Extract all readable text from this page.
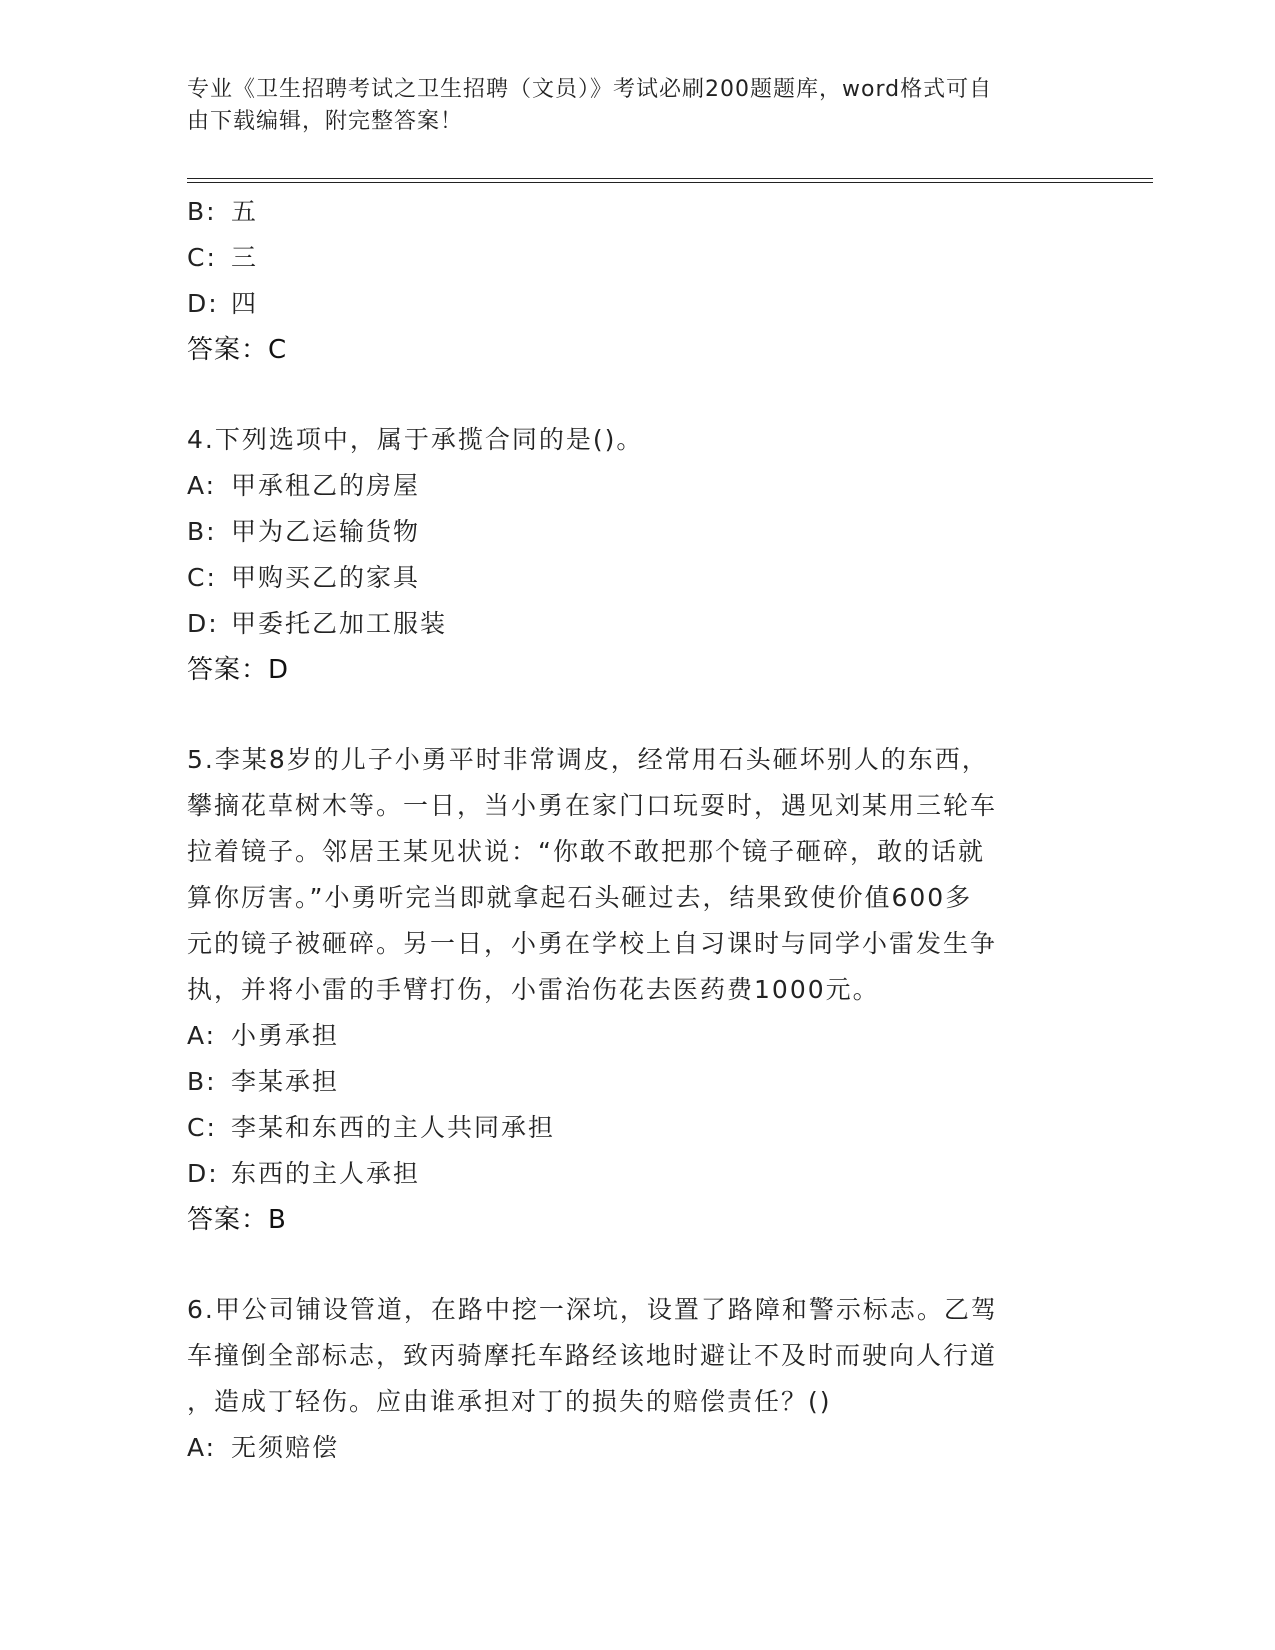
专业《卫生招聘考试之卫生招聘（文员）》考试必刷200题题库，word格式可自
由下载编辑，附完整答案！
B: 五
C: 三
D: 四
答案：C
4.下列选项中，属于承揽合同的是()。
A: 甲承租乙的房屋
B: 甲为乙运输货物
C: 甲购买乙的家具
D: 甲委托乙加工服装
答案：D
5.李某8岁的儿子小勇平时非常调皮，经常用石头砸坏别人的东西，
攀摘花草树木等。一日，当小勇在家门口玩耍时，遇见刘某用三轮车
拉着镜子。邻居王某见状说：“你敢不敢把那个镜子砸碎，敢的话就
算你厉害。”小勇听完当即就拿起石头砸过去，结果致使价值600多
元的镜子被砸碎。另一日，小勇在学校上自习课时与同学小雷发生争
执，并将小雷的手臂打伤，小雷治伤花去医药费1000元。
A: 小勇承担
B: 李某承担
C: 李某和东西的主人共同承担
D: 东西的主人承担
答案：B
6.甲公司铺设管道，在路中挖一深坑，设置了路障和警示标志。乙驾
车撞倒全部标志，致丙骑摩托车路经该地时避让不及时而驶向人行道
，造成丁轻伤。应由谁承担对丁的损失的赔偿责任？()
A: 无须赔偿
